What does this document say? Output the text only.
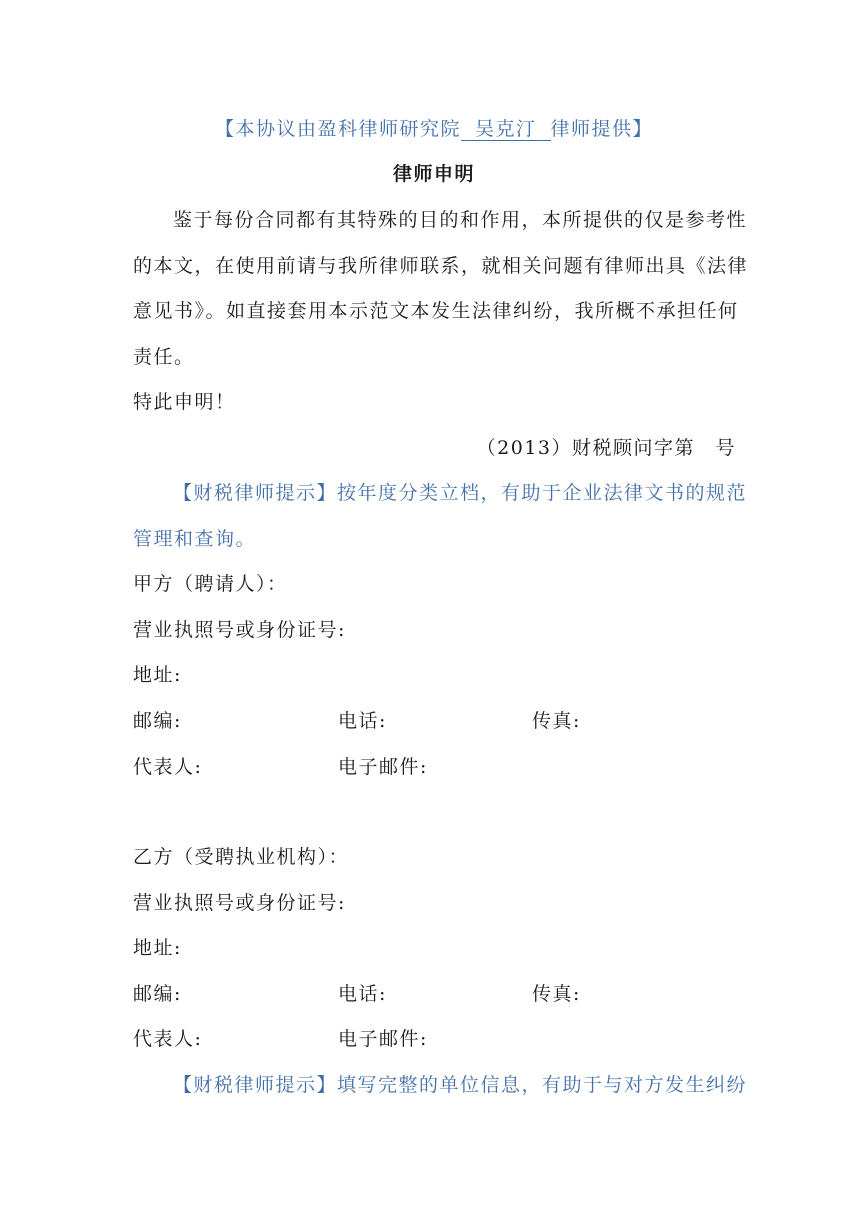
【本协议由盈科律师研究院 吴克汀 律师提供】
律师申明
鉴于每份合同都有其特殊的目的和作用，本所提供的仅是参考性
的本文，在使用前请与我所律师联系，就相关问题有律师出具《法律
意见书》。如直接套用本示范文本发生法律纠纷，我所概不承担任何
责任。
特此申明！
（2013）财税顾问字第　号
【财税律师提示】按年度分类立档，有助于企业法律文书的规范
管理和查询。
甲方（聘请人）：
营业执照号或身份证号:
地址:
邮编:	电话:	传真:
代表人:	电子邮件:
乙方（受聘执业机构）：
营业执照号或身份证号:
地址:
邮编:	电话:	传真:
代表人:	电子邮件:
【财税律师提示】填写完整的单位信息，有助于与对方发生纠纷
